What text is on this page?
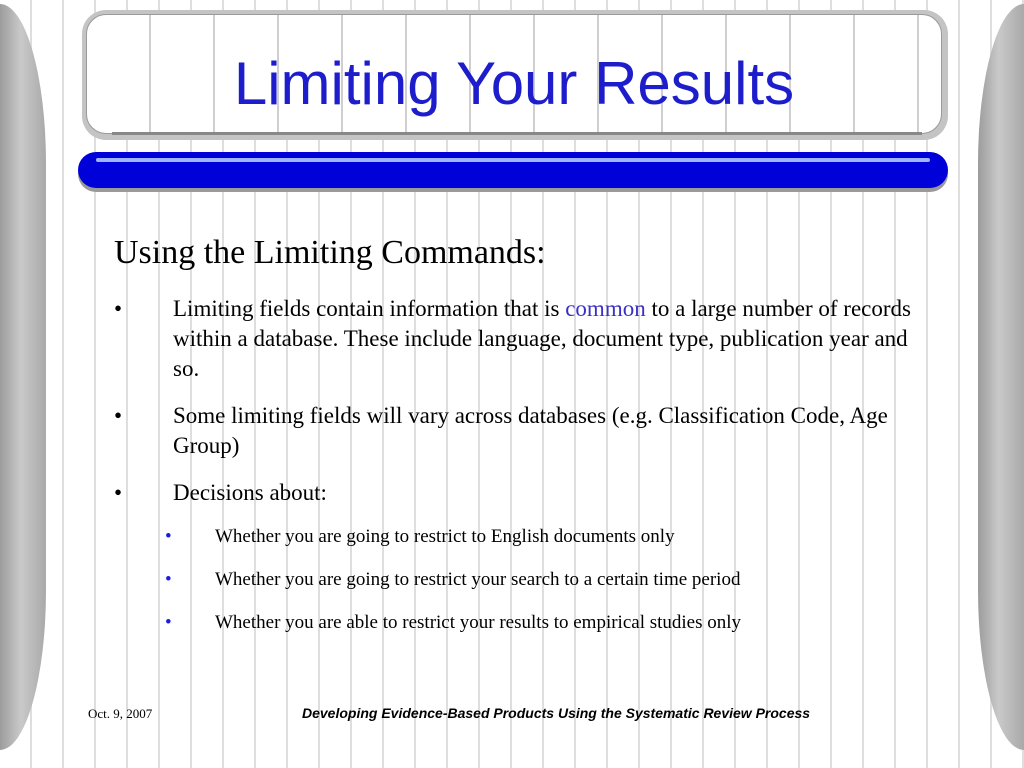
Limiting Your Results
Using the Limiting Commands:
• Limiting fields contain information that is common to a large number of records within a database. These include language, document type, publication year and so.
• Some limiting fields will vary across databases (e.g. Classification Code, Age Group)
• Decisions about:
• Whether you are going to restrict to English documents only
• Whether you are going to restrict your search to a certain time period
• Whether you are able to restrict your results to empirical studies only
Oct. 9, 2007	Developing Evidence-Based Products Using the Systematic Review Process
